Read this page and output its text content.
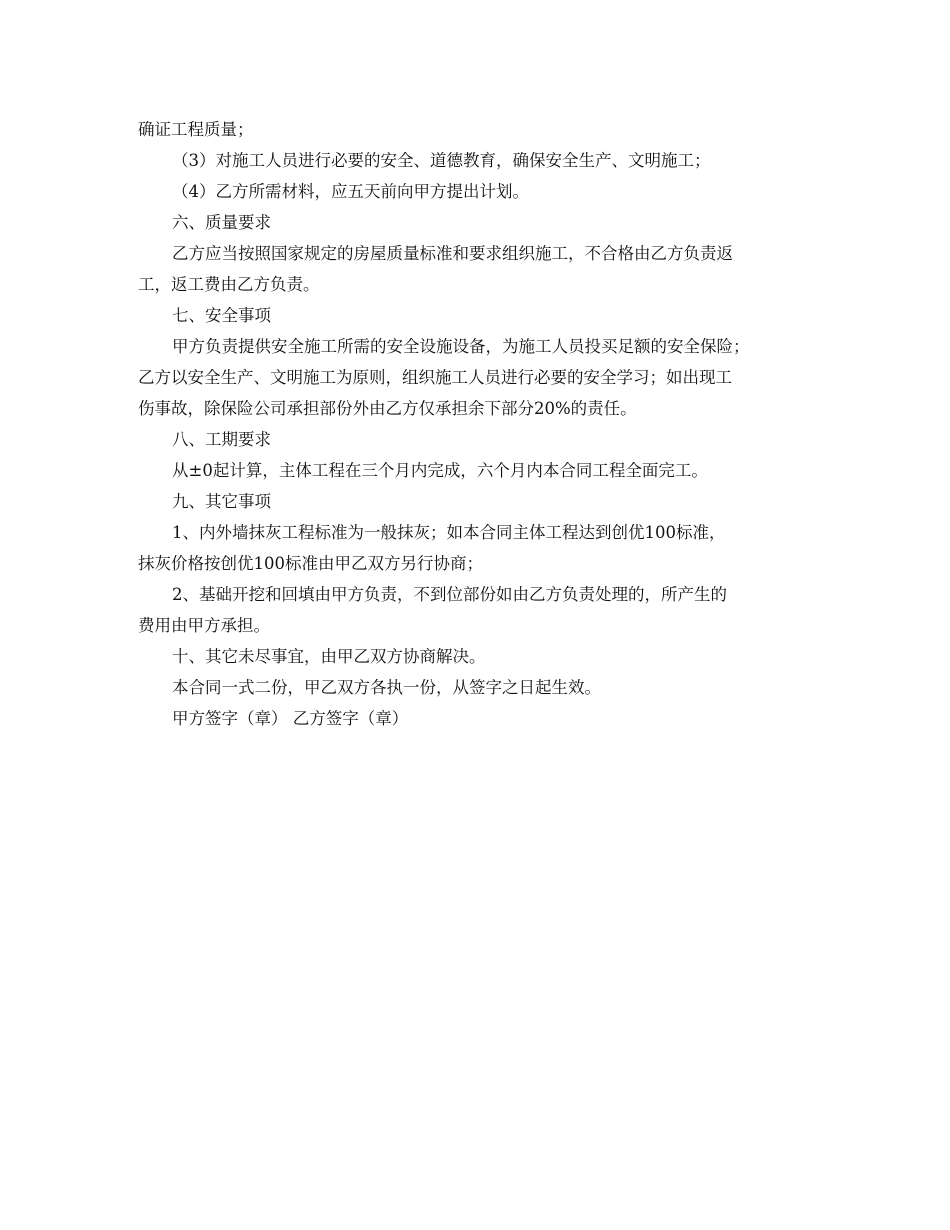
确证工程质量；
（3）对施工人员进行必要的安全、道德教育，确保安全生产、文明施工；
（4）乙方所需材料，应五天前向甲方提出计划。
六、质量要求
乙方应当按照国家规定的房屋质量标准和要求组织施工，不合格由乙方负责返
工，返工费由乙方负责。
七、安全事项
甲方负责提供安全施工所需的安全设施设备，为施工人员投买足额的安全保险；
乙方以安全生产、文明施工为原则，组织施工人员进行必要的安全学习；如出现工
伤事故，除保险公司承担部份外由乙方仅承担余下部分20%的责任。
八、工期要求
从±0起计算，主体工程在三个月内完成，六个月内本合同工程全面完工。
九、其它事项
1、内外墙抹灰工程标准为一般抹灰；如本合同主体工程达到创优100标准，
抹灰价格按创优100标准由甲乙双方另行协商；
2、基础开挖和回填由甲方负责，不到位部份如由乙方负责处理的，所产生的
费用由甲方承担。
十、其它未尽事宜，由甲乙双方协商解决。
本合同一式二份，甲乙双方各执一份，从签字之日起生效。
甲方签字（章） 乙方签字（章）
